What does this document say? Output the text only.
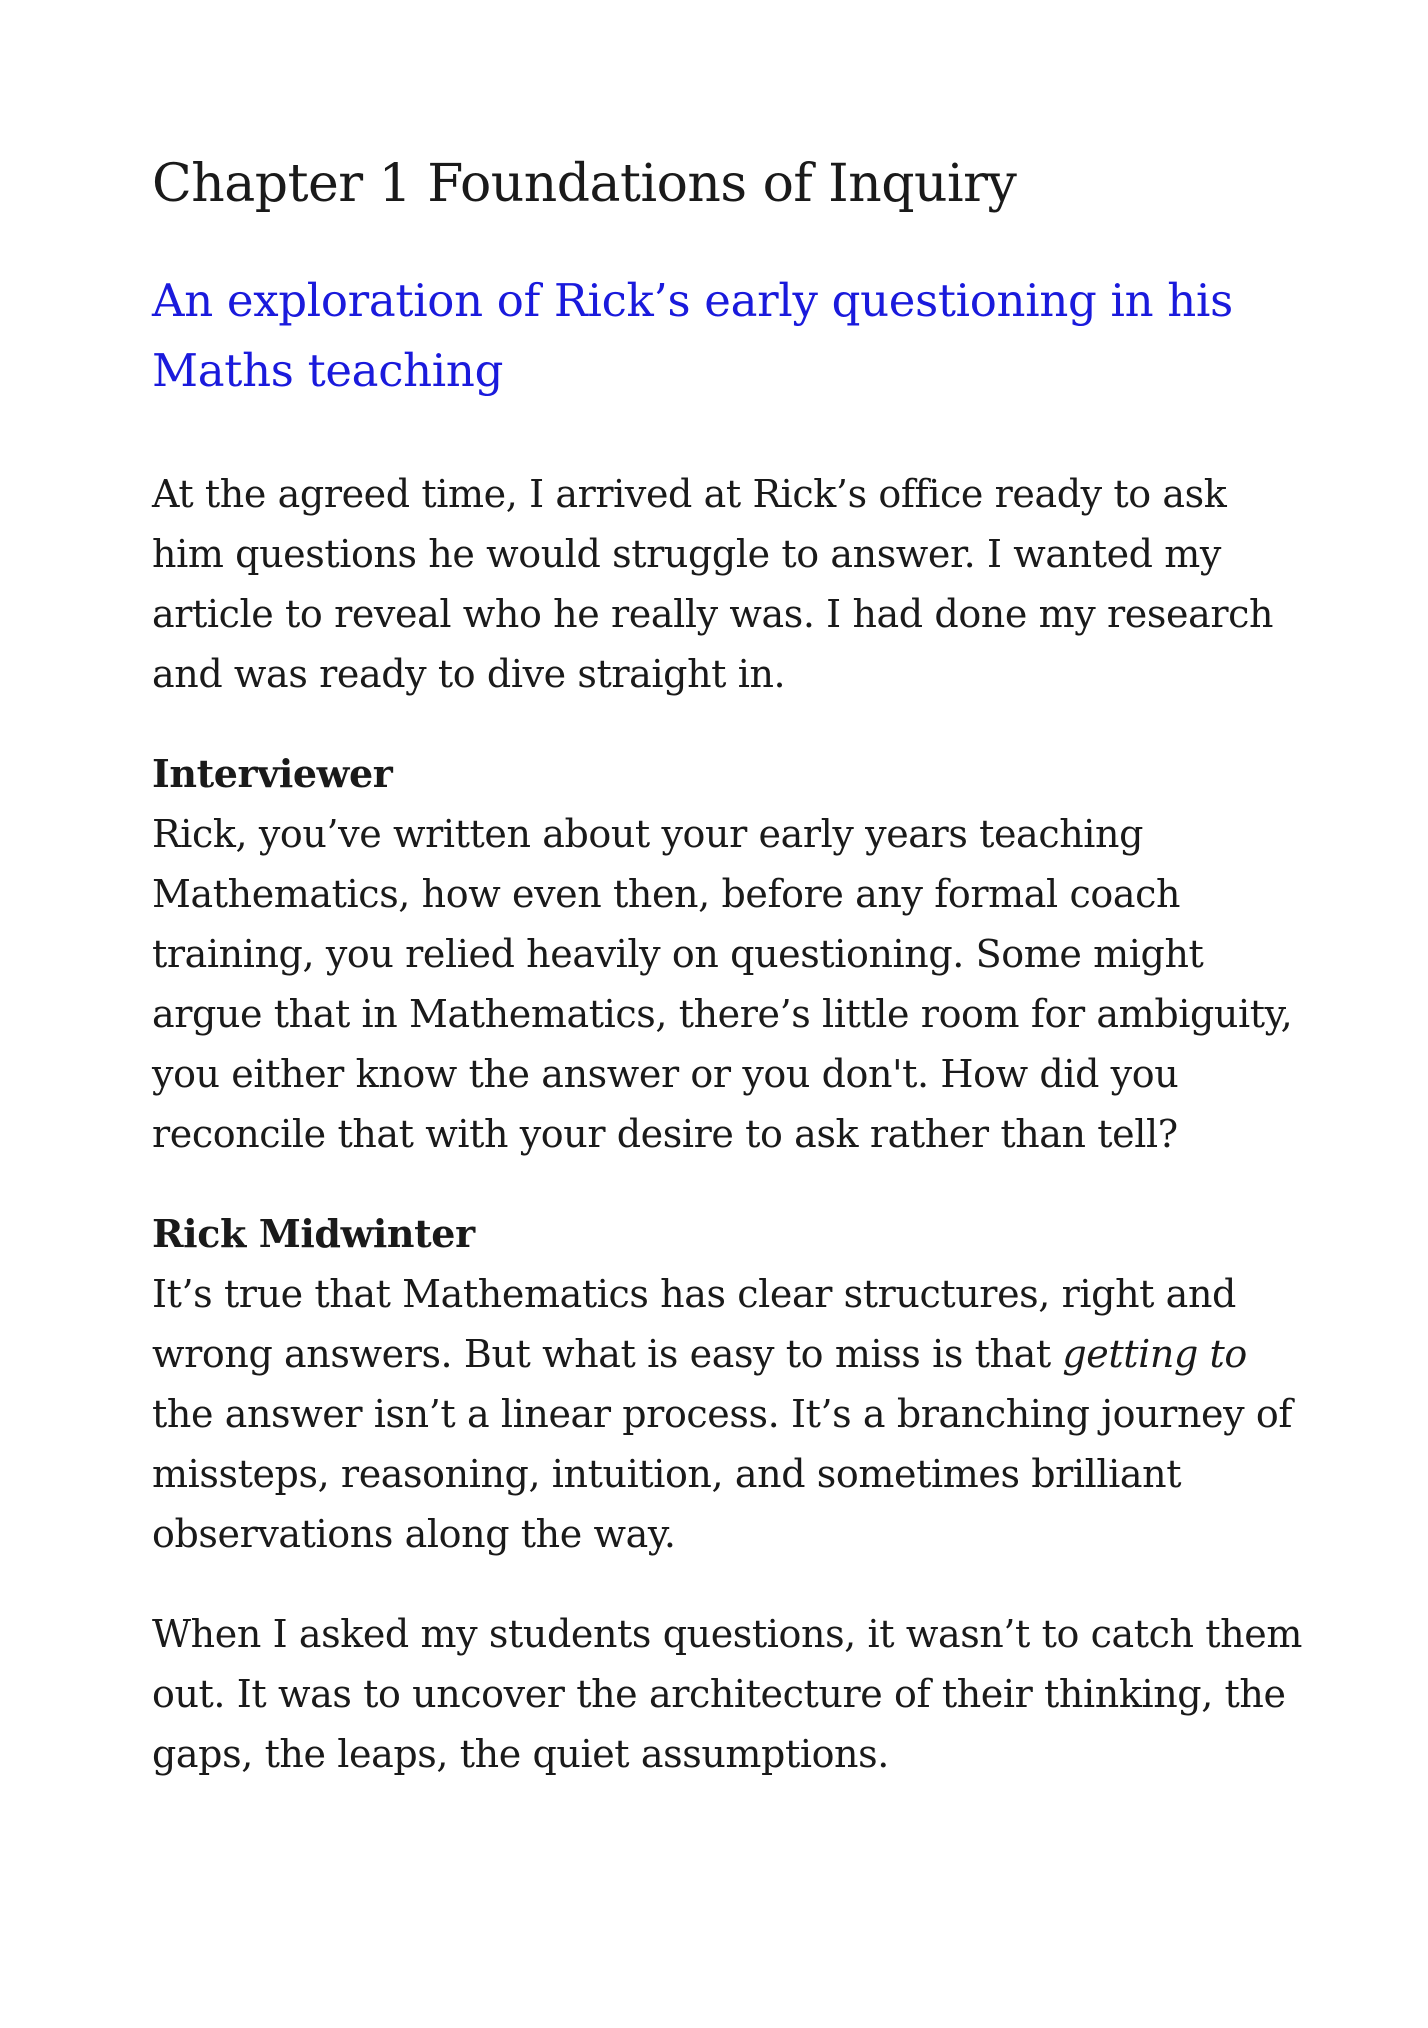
Chapter 1 Foundations of Inquiry
An exploration of Rick’s early questioning in his Maths teaching

At the agreed time, I arrived at Rick’s office ready to ask him questions he would struggle to answer. I wanted my article to reveal who he really was. I had done my research and was ready to dive straight in.

Interviewer

Rick, you’ve written about your early years teaching Mathematics, how even then, before any formal coach training, you relied heavily on questioning. Some might argue that in Mathematics, there’s little room for ambiguity, you either know the answer or you don't. How did you reconcile that with your desire to ask rather than tell?

Rick Midwinter

It’s true that Mathematics has clear structures, right and wrong answers. But what is easy to miss is that getting to the answer isn’t a linear process. It’s a branching journey of missteps, reasoning, intuition, and sometimes brilliant observations along the way.

When I asked my students questions, it wasn’t to catch them out. It was to uncover the architecture of their thinking, the gaps, the leaps, the quiet assumptions.
